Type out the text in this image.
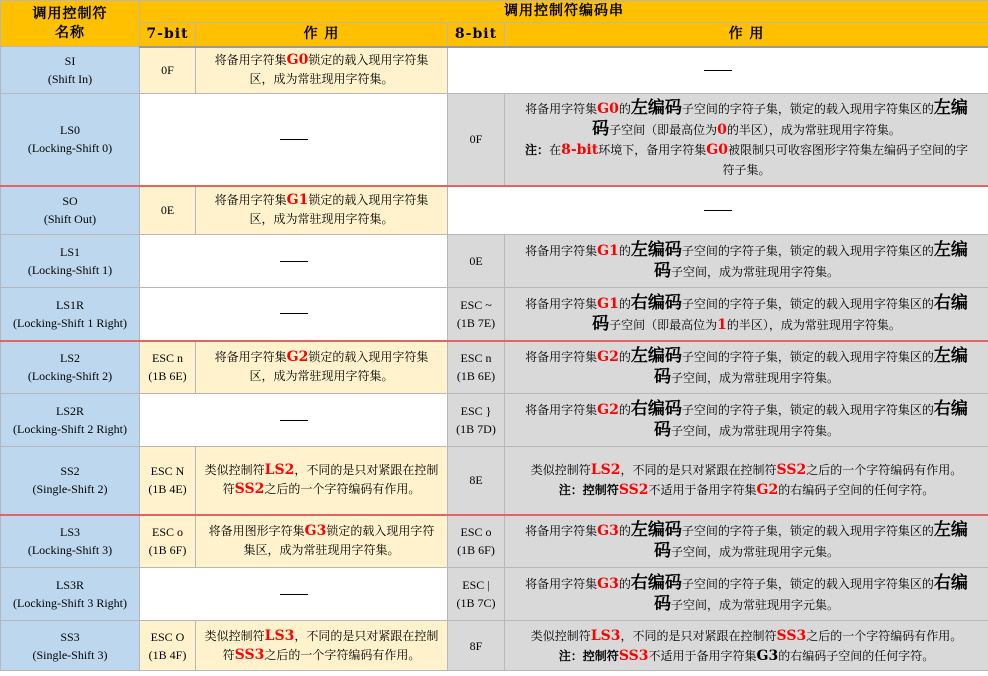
调用控制符
名称	调用控制符编码串			
	7-bit	作 用	8-bit	作 用
SI
(Shift In)	0F	将备用字符集G0锁定的载入现用字符集
区，成为常驻现用字符集。		
LS0
(Locking-Shift 0)			0F	将备用字符集G0的左编码子空间的字符子集，锁定的载入现用字符集区的左编
码子空间（即最高位为0的半区），成为常驻现用字符集。
注：在8-bit环境下，备用字符集G0被限制只可收容图形字符集左编码子空间的字
符子集。
SO
(Shift Out)	0E	将备用字符集G1锁定的载入现用字符集
区，成为常驻现用字符集。		
LS1
(Locking-Shift 1)			0E	将备用字符集G1的左编码子空间的字符子集，锁定的载入现用字符集区的左编
码子空间，成为常驻现用字符集。
LS1R
(Locking-Shift 1 Right)			ESC ~
(1B 7E)	将备用字符集G1的右编码子空间的字符子集，锁定的载入现用字符集区的右编
码子空间（即最高位为1的半区），成为常驻现用字符集。
LS2
(Locking-Shift 2)	ESC n
(1B 6E)	将备用字符集G2锁定的载入现用字符集
区，成为常驻现用字符集。	ESC n
(1B 6E)	将备用字符集G2的左编码子空间的字符子集，锁定的载入现用字符集区的左编
码子空间，成为常驻现用字符集。
LS2R
(Locking-Shift 2 Right)			ESC }
(1B 7D)	将备用字符集G2的右编码子空间的字符子集，锁定的载入现用字符集区的右编
码子空间，成为常驻现用字符集。
SS2
(Single-Shift 2)	ESC N
(1B 4E)	类似控制符LS2，不同的是只对紧跟在控制
符SS2之后的一个字符编码有作用。	8E	类似控制符LS2，不同的是只对紧跟在控制符SS2之后的一个字符编码有作用。
注：控制符SS2不适用于备用字符集G2的右编码子空间的任何字符。
LS3
(Locking-Shift 3)	ESC o
(1B 6F)	将备用图形字符集G3锁定的载入现用字符
集区，成为常驻现用字符集。	ESC o
(1B 6F)	将备用字符集G3的左编码子空间的字符子集，锁定的载入现用字符集区的左编
码子空间，成为常驻现用字元集。
LS3R
(Locking-Shift 3 Right)			ESC |
(1B 7C)	将备用字符集G3的右编码子空间的字符子集，锁定的载入现用字符集区的右编
码子空间，成为常驻现用字元集。
SS3
(Single-Shift 3)	ESC O
(1B 4F)	类似控制符LS3，不同的是只对紧跟在控制
符SS3之后的一个字符编码有作用。	8F	类似控制符LS3，不同的是只对紧跟在控制符SS3之后的一个字符编码有作用。
注：控制符SS3不适用于备用字符集G3的右编码子空间的任何字符。
